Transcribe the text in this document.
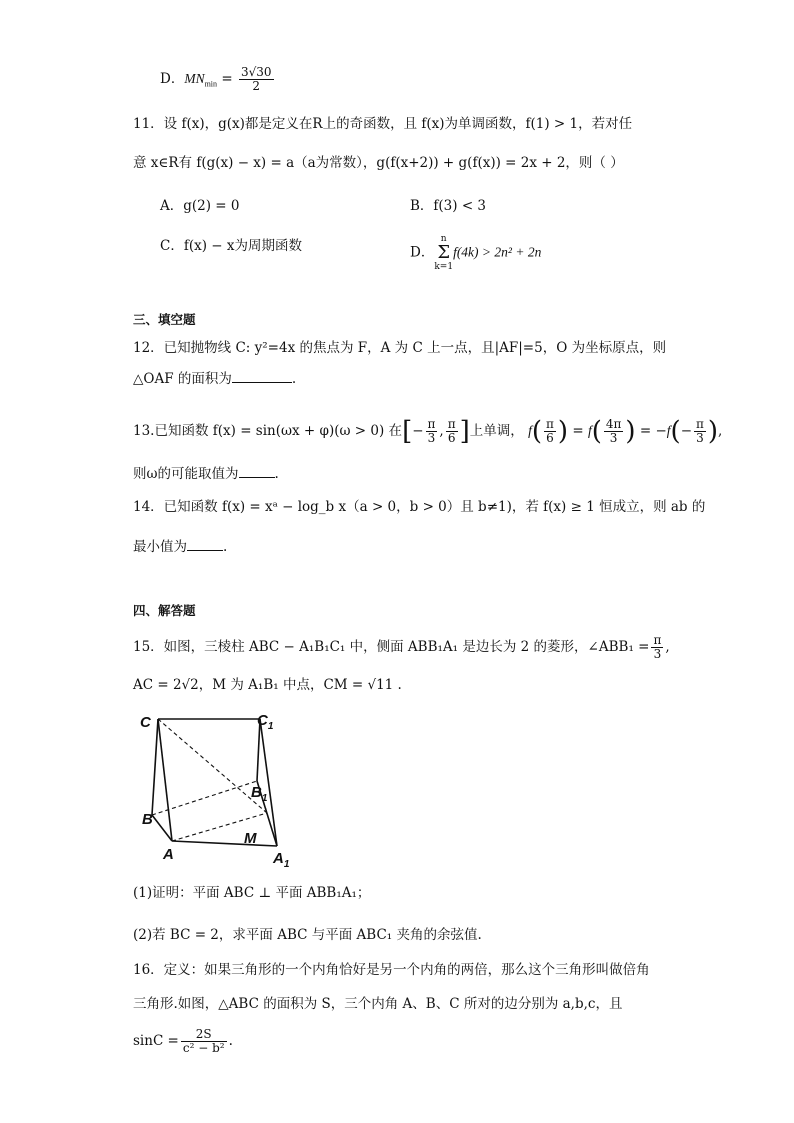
D．$MN_{min} = \frac{3√30}{2}$
11．设 f(x)，g(x)都是定义在R上的奇函数，且 f(x)为单调函数，f(1) > 1，若对任
意 x∈R有 f(g(x) − x) = a（a为常数），g(f(x+2)) + g(f(x)) = 2x + 2，则（ ）
A．g(2) = 0	B．f(3) < 3
C．f(x) − x为周期函数	D．n
Σ
k=1f(4k) > 2n² + 2n
三、填空题
12．已知抛物线 C: y²=4x 的焦点为 F，A 为 C 上一点，且|AF|=5，O 为坐标原点，则
△OAF 的面积为	.
13.已知函数 f(x) = sin(ωx + φ)(ω > 0) 在[− $\frac{\pi}{3}$ , $\frac{\pi}{6}$ ]上单调， $f( \frac{\pi}{6}$ ) = $f( \frac{4\pi}{3}$ ) = $-f(- \frac{\pi}{3}$ ),
则ω的可能取值为	.
14．已知函数 f(x) = xᵃ − log_b x（a > 0，b > 0）且 b≠1)，若 f(x) ≥ 1 恒成立，则 ab 的
最小值为	.
四、解答题
15．如图，三棱柱 ABC − A₁B₁C₁ 中，侧面 ABB₁A₁ 是边长为 2 的菱形，∠ABB₁ = $\frac{\pi}{3}$ ,
AC = 2√2，M 为 A₁B₁ 中点，CM = √11 .
C	$C_1$
B
$B_1$
M
A	$A_1$
(1)证明：平面 ABC ⊥ 平面 ABB₁A₁；
(2)若 BC = 2，求平面 ABC 与平面 ABC₁ 夹角的余弦值.
16．定义：如果三角形的一个内角恰好是另一个内角的两倍，那么这个三角形叫做倍角
三角形.如图，△ABC 的面积为 S，三个内角 A、B、C 所对的边分别为 a,b,c，且
$\sin C = \frac{2S}{\text{c² − b²}}$ .
